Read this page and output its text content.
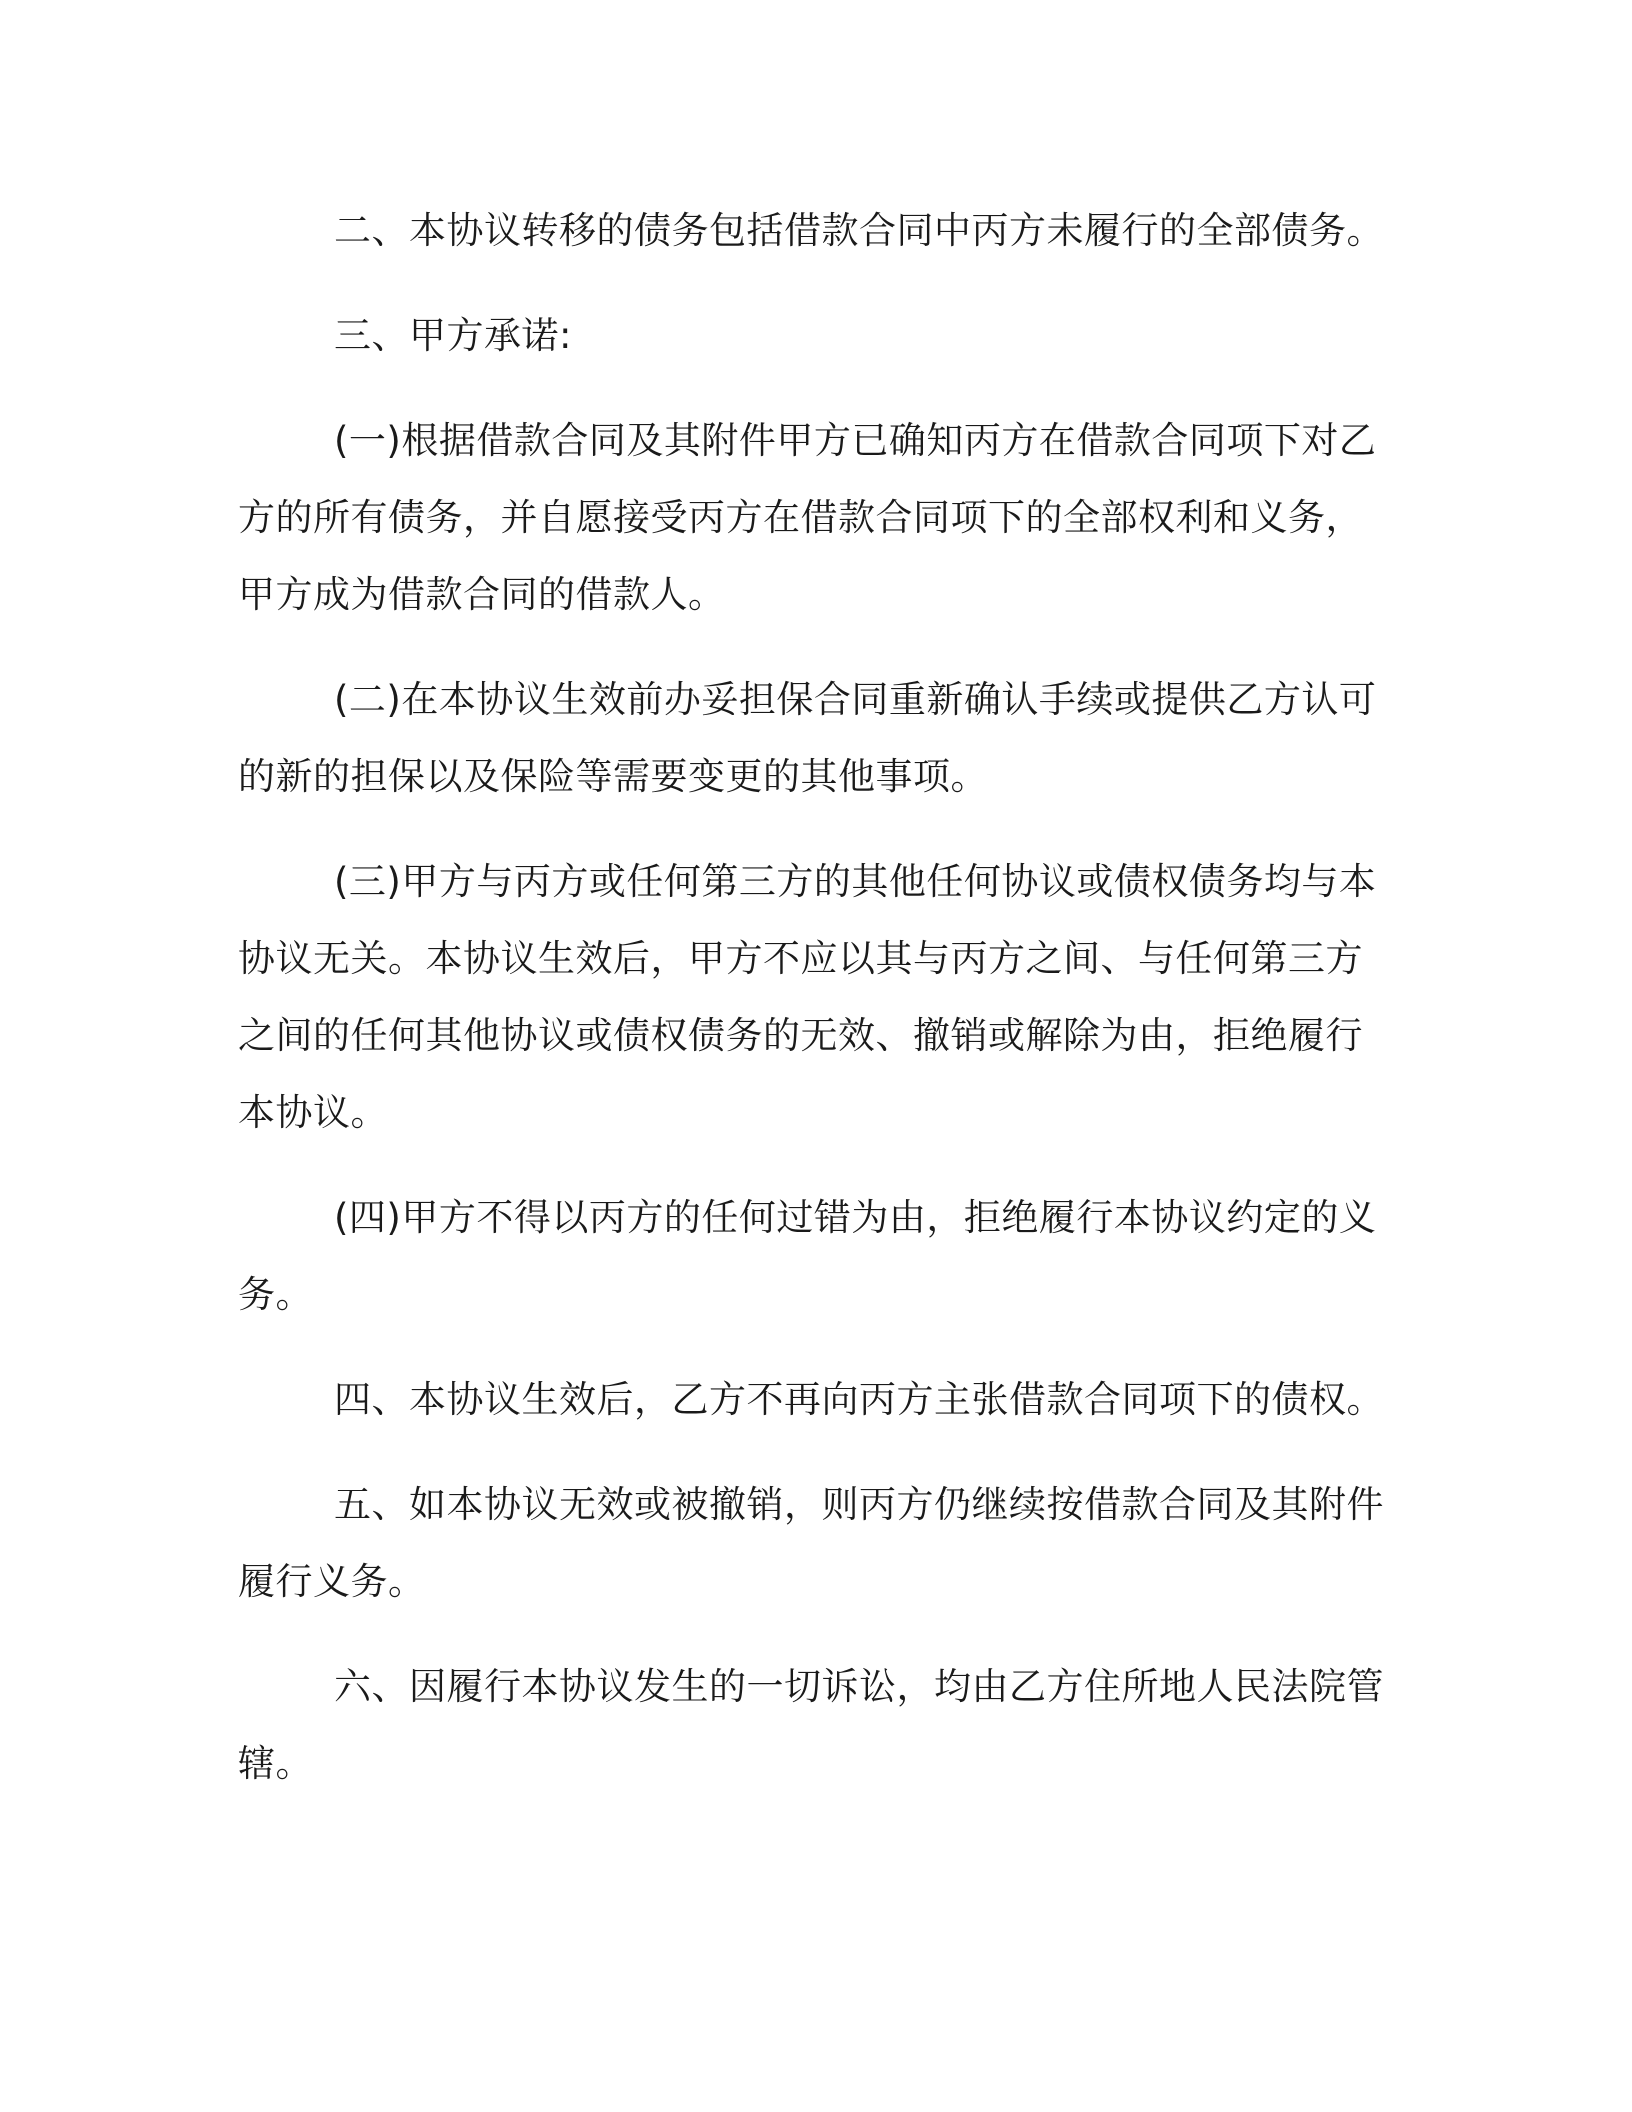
二、本协议转移的债务包括借款合同中丙方未履行的全部债务。

三、甲方承诺:

(一)根据借款合同及其附件甲方已确知丙方在借款合同项下对乙
方的所有债务，并自愿接受丙方在借款合同项下的全部权利和义务，
甲方成为借款合同的借款人。

(二)在本协议生效前办妥担保合同重新确认手续或提供乙方认可
的新的担保以及保险等需要变更的其他事项。

(三)甲方与丙方或任何第三方的其他任何协议或债权债务均与本
协议无关。本协议生效后，甲方不应以其与丙方之间、与任何第三方
之间的任何其他协议或债权债务的无效、撤销或解除为由，拒绝履行
本协议。

(四)甲方不得以丙方的任何过错为由，拒绝履行本协议约定的义
务。

四、本协议生效后，乙方不再向丙方主张借款合同项下的债权。

五、如本协议无效或被撤销，则丙方仍继续按借款合同及其附件
履行义务。

六、因履行本协议发生的一切诉讼，均由乙方住所地人民法院管
辖。
